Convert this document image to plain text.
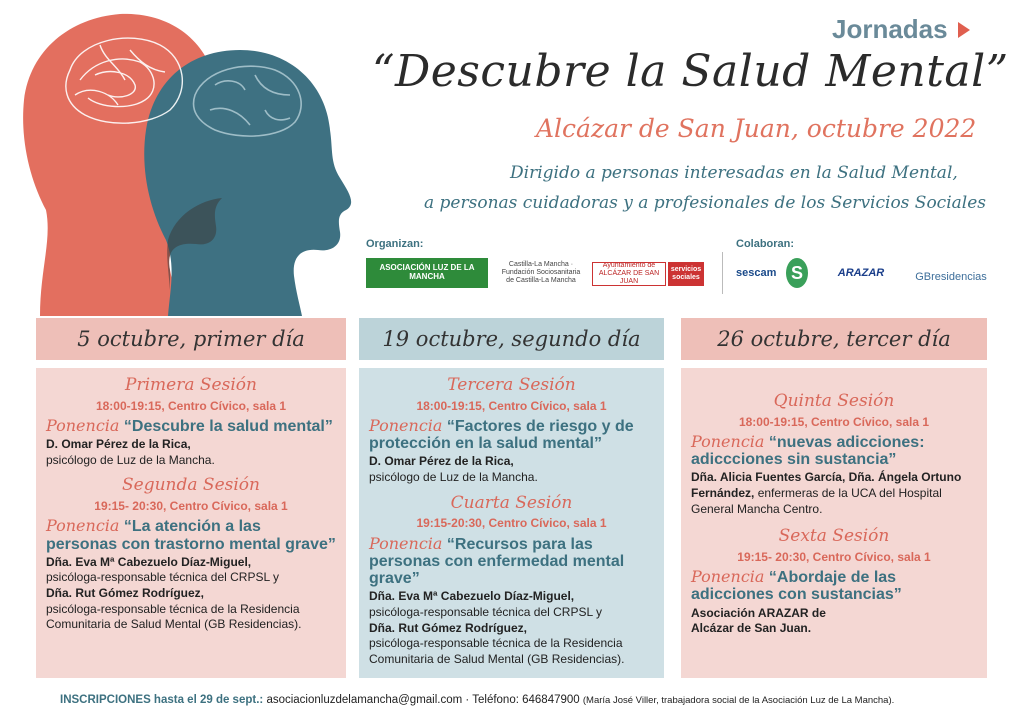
Jornadas
“Descubre la Salud Mental”
Alcázar de San Juan, octubre 2022
Dirigido a personas interesadas en la Salud Mental,
a personas cuidadoras y a profesionales de los Servicios Sociales
Organizan:	Colaboran:
ASOCIACIÓN LUZ DE LA MANCHA
Castilla-La Mancha · Fundación Sociosanitaria de Castilla-La Mancha
Ayuntamiento de ALCÁZAR DE SAN JUAN
servicios sociales	sescam S	ARAZAR	GBresidencias
5 octubre, primer día	19 octubre, segundo día	26 octubre, tercer día
Primera Sesión
18:00-19:15, Centro Cívico, sala 1
Ponencia “Descubre la salud mental”
D. Omar Pérez de la Rica,
psicólogo de Luz de la Mancha.
Segunda Sesión
19:15- 20:30, Centro Cívico, sala 1
Ponencia “La atención a las personas con trastorno mental grave”
Dña. Eva Mª Cabezuelo Díaz-Miguel,
psicóloga-responsable técnica del CRPSL y
Dña. Rut Gómez Rodríguez,
psicóloga-responsable técnica de la Residencia Comunitaria de Salud Mental (GB Residencias).
Tercera Sesión
18:00-19:15, Centro Cívico, sala 1
Ponencia “Factores de riesgo y de protección en la salud mental”
D. Omar Pérez de la Rica,
psicólogo de Luz de la Mancha.
Cuarta Sesión
19:15-20:30, Centro Cívico, sala 1
Ponencia “Recursos para las personas con enfermedad mental grave”
Dña. Eva Mª Cabezuelo Díaz-Miguel,
psicóloga-responsable técnica del CRPSL y
Dña. Rut Gómez Rodríguez,
psicóloga-responsable técnica de la Residencia Comunitaria de Salud Mental (GB Residencias).
Quinta Sesión
18:00-19:15, Centro Cívico, sala 1
Ponencia “nuevas adicciones: adiccciones sin sustancia”
Dña. Alicia Fuentes García, Dña. Ángela Ortuno Fernández, enfermeras de la UCA del Hospital General Mancha Centro.
Sexta Sesión
19:15- 20:30, Centro Cívico, sala 1
Ponencia “Abordaje de las adicciones con sustancias”
Asociación ARAZAR de Alcázar de San Juan.
INSCRIPCIONES hasta el 29 de sept.: asociacionluzdelamancha@gmail.com · Teléfono: 646847900 (María José Viller, trabajadora social de la Asociación Luz de La Mancha).
